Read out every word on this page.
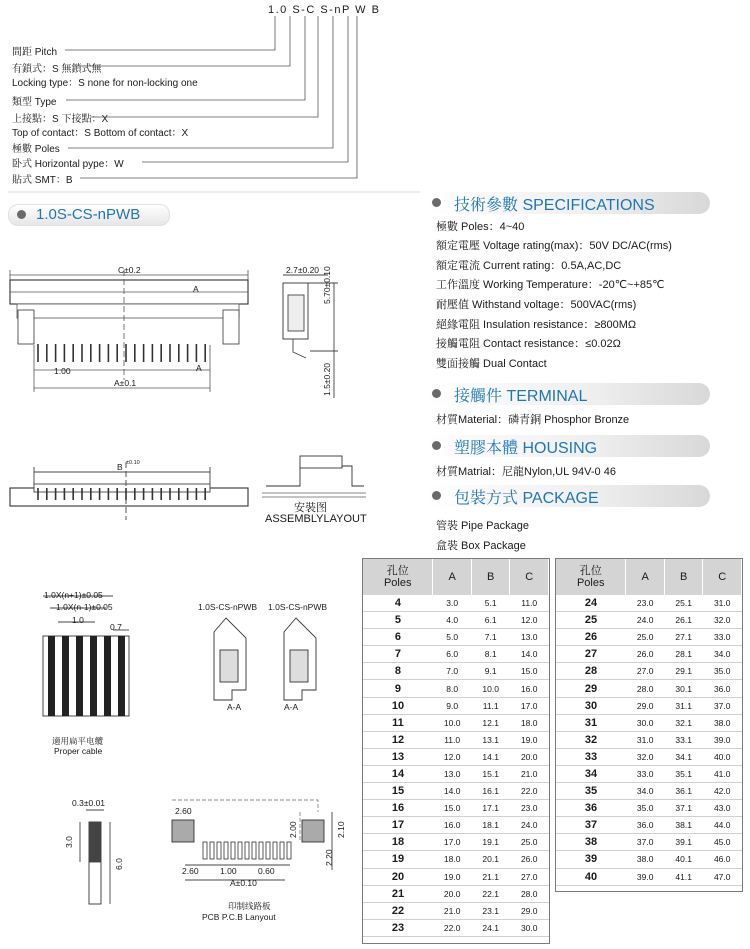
1.0 S-C S-nP W B
間距 Pitch
有鎖式：S 無鎖式無
Locking type：S none for non-locking one
類型 Type
上接點：S 下接點：X
Top of contact：S Bottom of contact：X
極數 Poles
卧式 Horizontal pype：W
貼式 SMT：B
C±0.2
A
A
1.00
A±0.1
2.7±0.20 5.70±0.10
1.5±0.20
B ±0.10
安裝图
ASSEMBLYLAYOUT
1.0X(n+1)±0.05
1.0X(n-1)±0.05
1.0
0.7
適用扁平电纜
Proper cable
1.0S-CS-nPWB 1.0S-CS-nPWB
A-A	A-A
0.3±0.01
3.0
6.0
2.60
2.00	2.10
2.20
2.60	1.00	0.60
A±0.10
印制线路板
PCB P.C.B Lanyout
1.0S-CS-nPWB
技術參數 SPECIFICATIONS
極數 Poles：4~40
額定電壓 Voltage rating(max)：50V DC/AC(rms)
額定電流 Current rating：0.5A,AC,DC
工作溫度 Working Temperature：-20℃~+85℃
耐壓值 Withstand voltage：500VAC(rms)
絕緣電阻 Insulation resistance：≥800MΩ
接觸電阻 Contact resistance：≤0.02Ω
雙面接觸 Dual Contact
接觸件 TERMINAL
材質Material：磷青銅 Phosphor Bronze
塑膠本體 HOUSING
材質Matrial：尼龍Nylon,UL 94V-0 46
包裝方式 PACKAGE
管裝 Pipe Package
盒裝 Box Package
孔位
Poles	A	B	C
4	3.0	5.1	11.0
5	4.0	6.1	12.0
6	5.0	7.1	13.0
7	6.0	8.1	14.0
8	7.0	9.1	15.0
9	8.0	10.0	16.0
10	9.0	11.1	17.0
11	10.0	12.1	18.0
12	11.0	13.1	19.0
13	12.0	14.1	20.0
14	13.0	15.1	21.0
15	14.0	16.1	22.0
16	15.0	17.1	23.0
17	16.0	18.1	24.0
18	17.0	19.1	25.0
19	18.0	20.1	26.0
20	19.0	21.1	27.0
21	20.0	22.1	28.0
22	21.0	23.1	29.0
23	22.0	24.1	30.0
孔位
Poles	A	B	C
24	23.0	25.1	31.0
25	24.0	26.1	32.0
26	25.0	27.1	33.0
27	26.0	28.1	34.0
28	27.0	29.1	35.0
29	28.0	30.1	36.0
30	29.0	31.1	37.0
31	30.0	32.1	38.0
32	31.0	33.1	39.0
33	32.0	34.1	40.0
34	33.0	35.1	41.0
35	34.0	36.1	42.0
36	35.0	37.1	43.0
37	36.0	38.1	44.0
38	37.0	39.1	45.0
39	38.0	40.1	46.0
40	39.0	41.1	47.0
